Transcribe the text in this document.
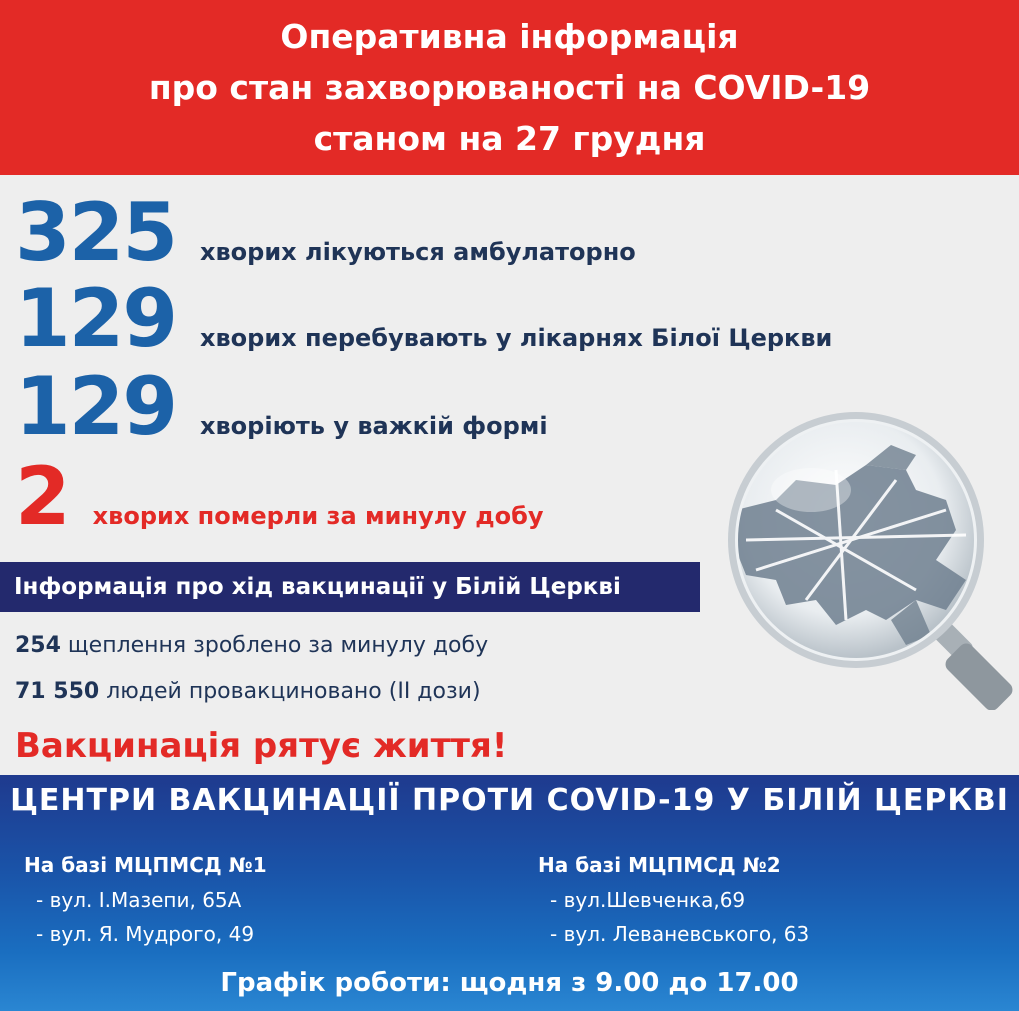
Оперативна інформація
про стан захворюваності на COVID-19
станом на 27 грудня
325 хворих лікуються амбулаторно
129 хворих перебувають у лікарнях Білої Церкви
129 хворіють у важкій формі
2 хворих померли за минулу добу
Інформація про хід вакцинації у Білій Церкві
254 щеплення зроблено за минулу добу
71 550 людей провакциновано (II дози)
Вакцинація рятує життя!
ЦЕНТРИ ВАКЦИНАЦІЇ ПРОТИ COVID-19 У БІЛІЙ ЦЕРКВІ
На базі МЦПМСД №1
- вул. І.Мазепи, 65А
- вул. Я. Мудрого, 49
На базі МЦПМСД №2
- вул.Шевченка,69
- вул. Леваневського, 63
Графік роботи: щодня з 9.00 до 17.00
